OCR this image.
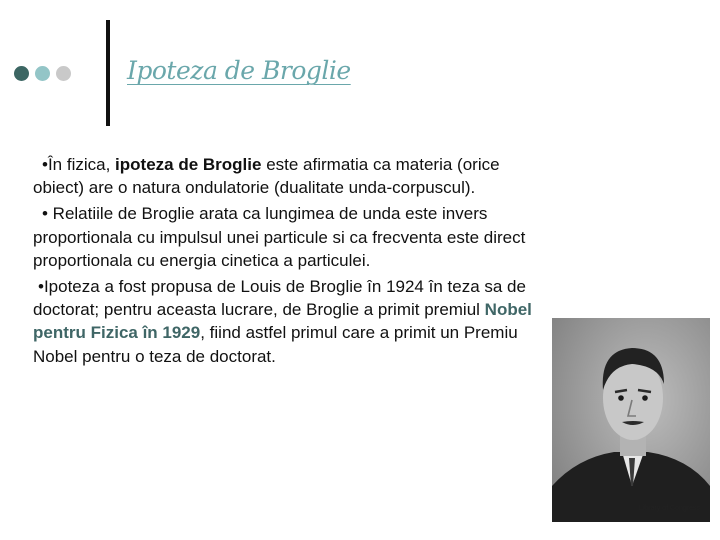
Ipoteza de Broglie

•În fizica, ipoteza de Broglie este afirmatia ca materia (orice obiect) are o natura ondulatorie (dualitate unda-corpuscul).

• Relatiile de Broglie arata ca lungimea de unda este invers proportionala cu impulsul unei particule si ca frecventa este direct proportionala cu energia cinetica a particulei.

•Ipoteza a fost propusa de Louis de Broglie în 1924 în teza sa de doctorat; pentru aceasta lucrare, de Broglie a primit premiul Nobel pentru Fizica în 1929, fiind astfel primul care a primit un Premiu Nobel pentru o teza de doctorat.

Library of Congress
